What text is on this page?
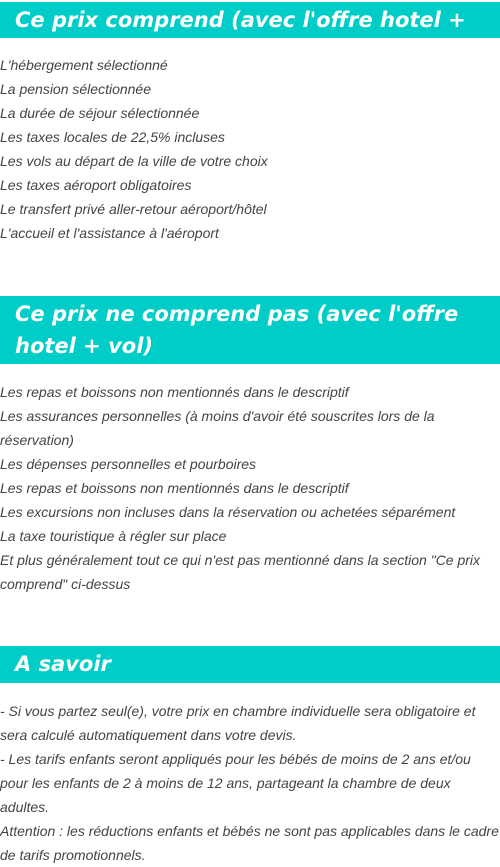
Ce prix comprend (avec l'offre hotel + vol)
L'hébergement sélectionné
La pension sélectionnée
La durée de séjour sélectionnée
Les taxes locales de 22,5% incluses
Les vols au départ de la ville de votre choix
Les taxes aéroport obligatoires
Le transfert privé aller-retour aéroport/hôtel
L'accueil et l'assistance à l'aéroport
Ce prix ne comprend pas (avec l'offre hotel + vol)
Les repas et boissons non mentionnés dans le descriptif
Les assurances personnelles (à moins d'avoir été souscrites lors de la réservation)
Les dépenses personnelles et pourboires
Les repas et boissons non mentionnés dans le descriptif
Les excursions non incluses dans la réservation ou achetées séparément
La taxe touristique à régler sur place
Et plus généralement tout ce qui n'est pas mentionné dans la section "Ce prix comprend" ci-dessus
A savoir
- Si vous partez seul(e), votre prix en chambre individuelle sera obligatoire et sera calculé automatiquement dans votre devis.
- Les tarifs enfants seront appliqués pour les bébés de moins de 2 ans et/ou pour les enfants de 2 à moins de 12 ans, partageant la chambre de deux adultes.
Attention : les réductions enfants et bébés ne sont pas applicables dans le cadre de tarifs promotionnels.
